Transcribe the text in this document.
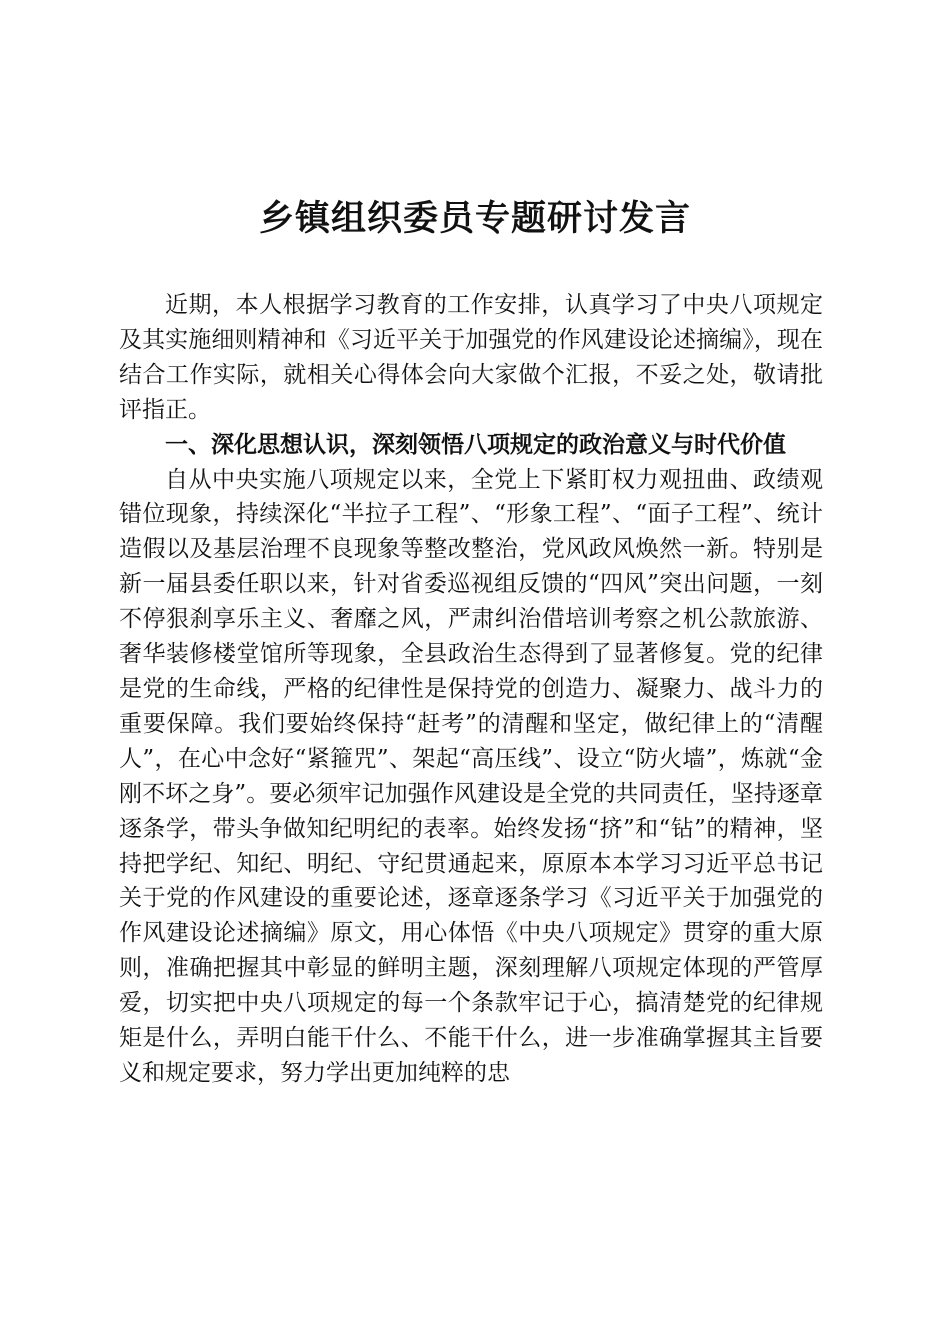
乡镇组织委员专题研讨发言

近期，本人根据学习教育的工作安排，认真学习了中央八项规定及其实施细则精神和《习近平关于加强党的作风建设论述摘编》，现在结合工作实际，就相关心得体会向大家做个汇报，不妥之处，敬请批评指正。

一、深化思想认识，深刻领悟八项规定的政治意义与时代价值

自从中央实施八项规定以来，全党上下紧盯权力观扭曲、政绩观错位现象，持续深化“半拉子工程”、“形象工程”、“面子工程”、统计造假以及基层治理不良现象等整改整治，党风政风焕然一新。特别是新一届县委任职以来，针对省委巡视组反馈的“四风”突出问题，一刻不停狠刹享乐主义、奢靡之风，严肃纠治借培训考察之机公款旅游、奢华装修楼堂馆所等现象，全县政治生态得到了显著修复。党的纪律是党的生命线，严格的纪律性是保持党的创造力、凝聚力、战斗力的重要保障。我们要始终保持“赶考”的清醒和坚定，做纪律上的“清醒人”，在心中念好“紧箍咒”、架起“高压线”、设立“防火墙”，炼就“金刚不坏之身”。要必须牢记加强作风建设是全党的共同责任，坚持逐章逐条学，带头争做知纪明纪的表率。始终发扬“挤”和“钻”的精神，坚持把学纪、知纪、明纪、守纪贯通起来，原原本本学习习近平总书记关于党的作风建设的重要论述，逐章逐条学习《习近平关于加强党的作风建设论述摘编》原文，用心体悟《中央八项规定》贯穿的重大原则，准确把握其中彰显的鲜明主题，深刻理解八项规定体现的严管厚爱，切实把中央八项规定的每一个条款牢记于心，搞清楚党的纪律规矩是什么，弄明白能干什么、不能干什么，进一步准确掌握其主旨要义和规定要求，努力学出更加纯粹的忠
